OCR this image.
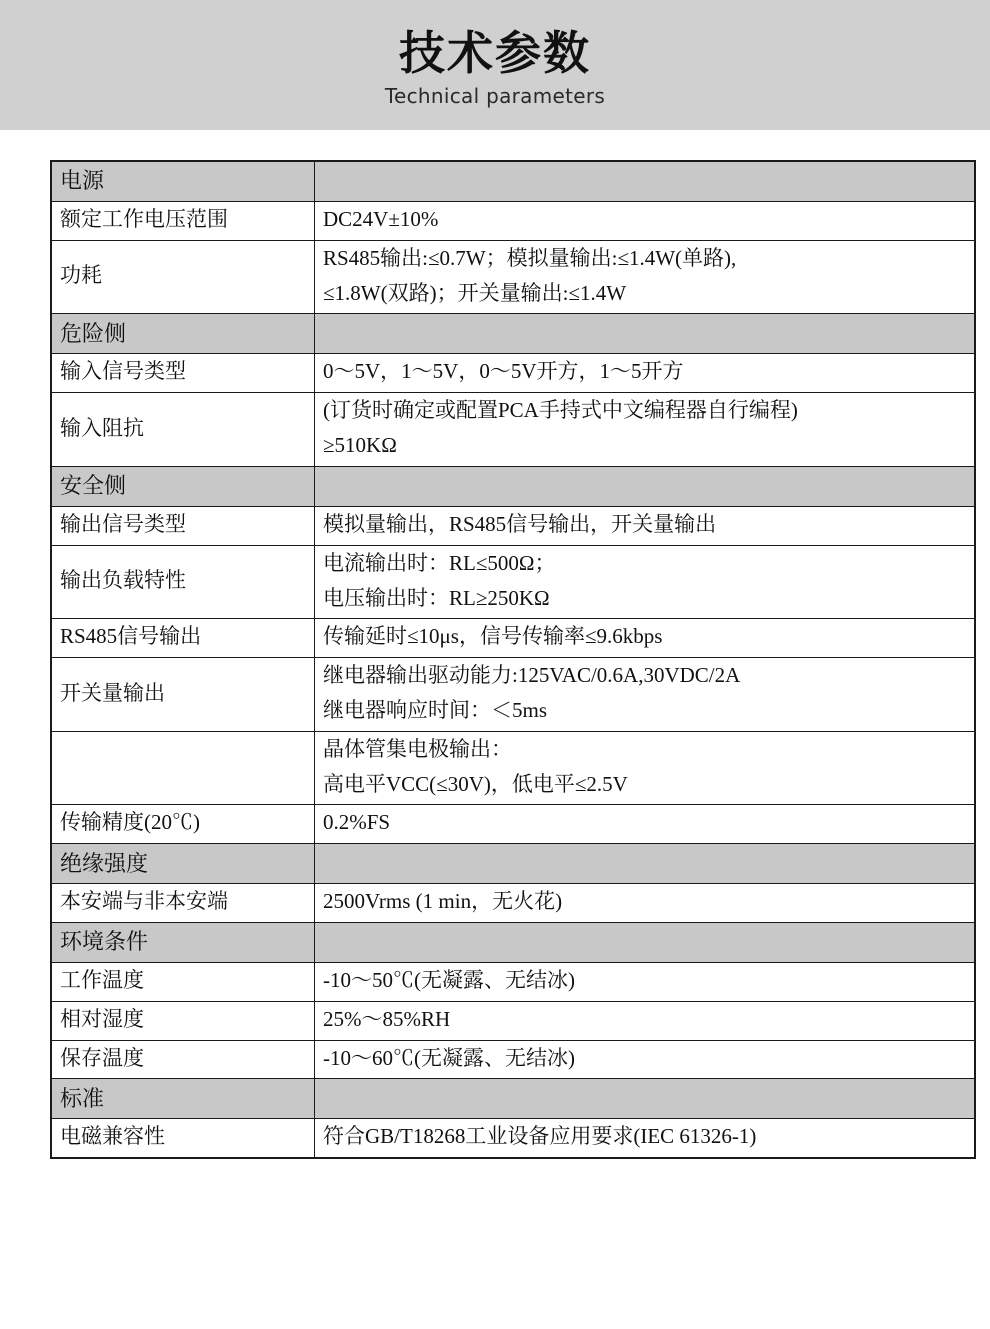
技术参数
Technical parameters
电源	
额定工作电压范围	DC24V±10%

功耗	RS485输出:≤0.7W；模拟量输出:≤1.4W(单路),
≤1.8W(双路)；开关量输出:≤1.4W

危险侧	
输入信号类型	0～5V，1～5V，0～5V开方，1～5开方

输入阻抗	(订货时确定或配置PCA手持式中文编程器自行编程)
≥510KΩ

安全侧	
输出信号类型	模拟量输出，RS485信号输出，开关量输出

输出负载特性	电流输出时：RL≤500Ω；
电压输出时：RL≥250KΩ

RS485信号输出	传输延时≤10μs，信号传输率≤9.6kbps

开关量输出	继电器输出驱动能力:125VAC/0.6A,30VDC/2A
继电器响应时间：＜5ms

	晶体管集电极输出：
高电平VCC(≤30V)，低电平≤2.5V

传输精度(20℃)	0.2%FS

绝缘强度	
本安端与非本安端	2500Vrms (1 min，无火花)

环境条件	
工作温度	-10～50℃(无凝露、无结冰)

相对湿度	25%～85%RH

保存温度	-10～60℃(无凝露、无结冰)

标准	
电磁兼容性	符合GB/T18268工业设备应用要求(IEC 61326-1)
